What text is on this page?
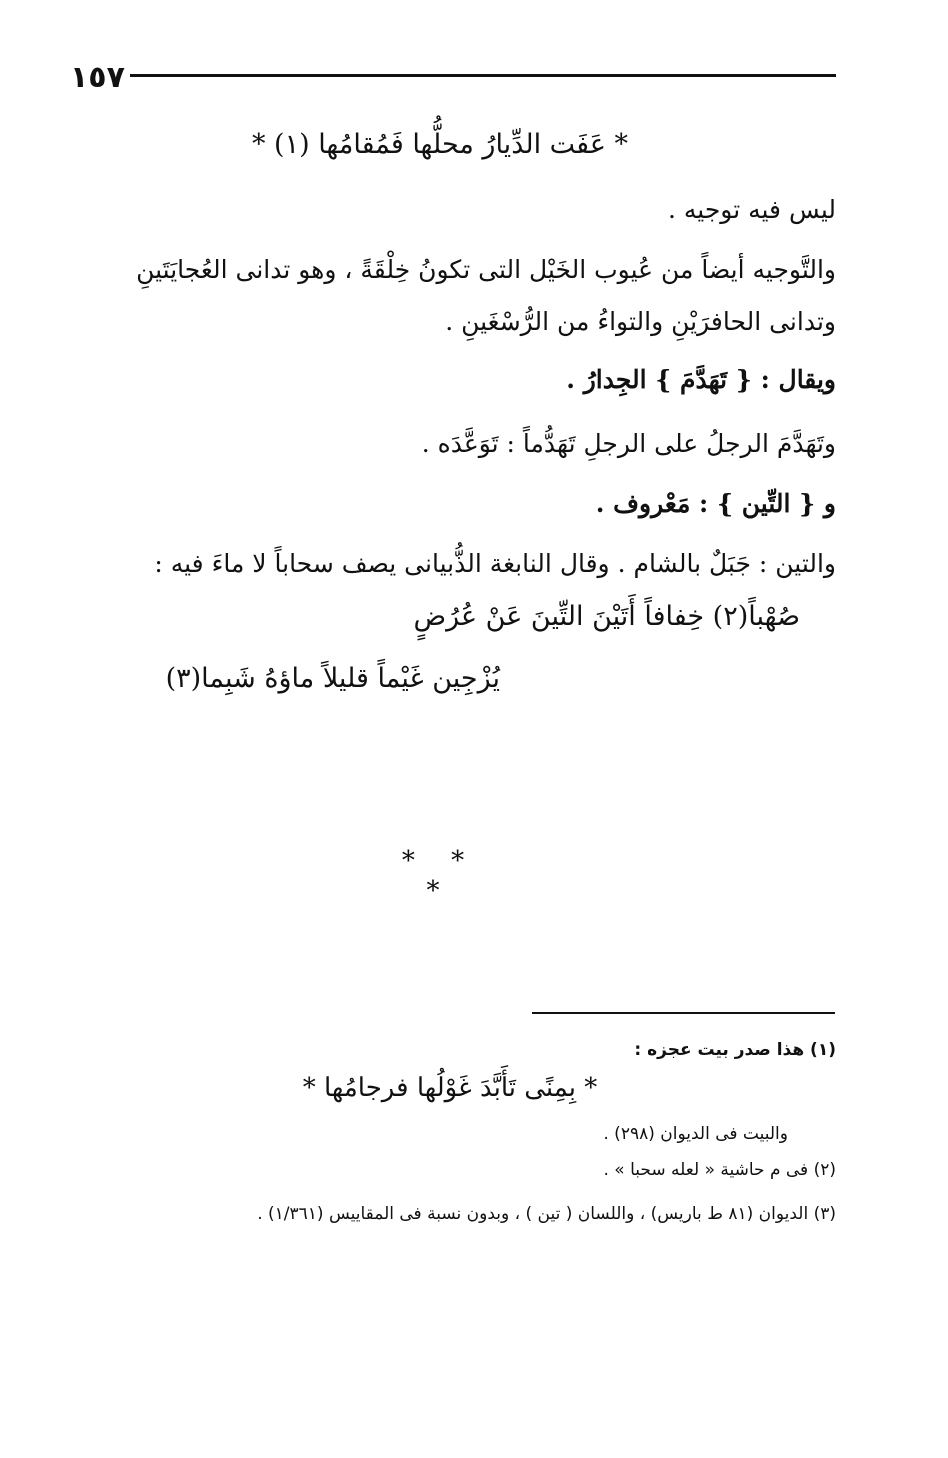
١٥٧
* عَفَت الدِّيارُ محلُّها فَمُقامُها (١) *
ليس فيه توجيه .
والتَّوجيه أيضاً من عُيوب الخَيْل التى تكونُ خِلْقَةً ، وهو تدانى العُجايَتَينِ
وتدانى الحافرَيْنِ والتواءُ من الرُّسْغَينِ .
ويقال : { تَهَدَّمَ } الجِدارُ .
وتَهَدَّمَ الرجلُ على الرجلِ تَهَدُّماً : تَوَعَّدَه .
و { التِّين } : مَعْروف .
والتين : جَبَلٌ بالشام . وقال النابغة الذُّبيانى يصف سحاباً لا ماءَ فيه :
صُهْباً(٢) خِفافاً أَتَيْنَ التِّينَ عَنْ عُرُضٍ
يُزْجِين غَيْماً قليلاً ماؤهُ شَبِما(٣)
* * *
(١) هذا صدر بيت عجزه :
* بِمِنًى تَأَبَّدَ غَوْلُها فرجامُها *
والبيت فى الديوان (٢٩٨) .
(٢) فى م حاشية « لعله سحبا » .
(٣) الديوان (٨١ ط باريس) ، واللسان ( تين ) ، وبدون نسبة فى المقاييس (١/٣٦١) .
